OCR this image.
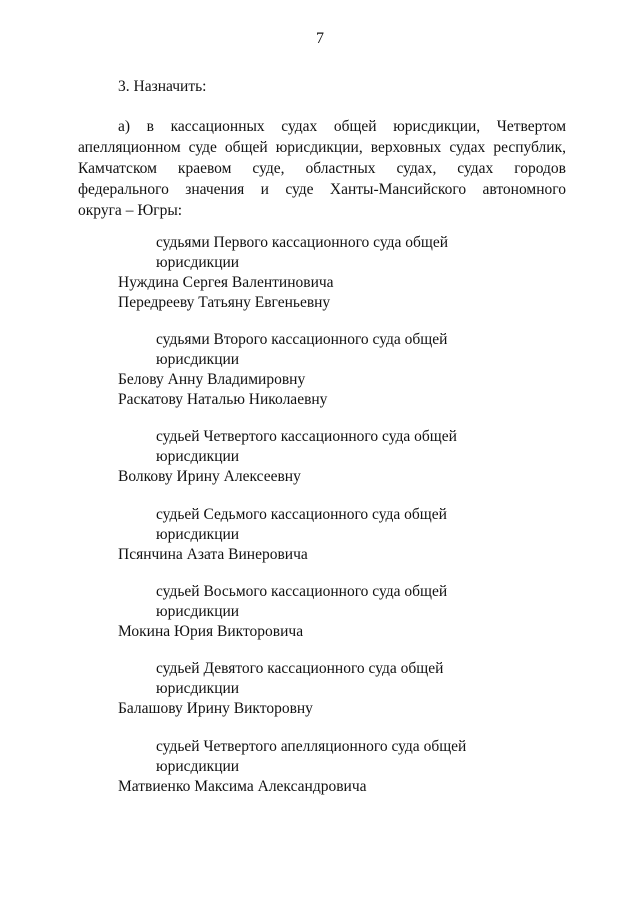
7
3. Назначить:
а) в кассационных судах общей юрисдикции, Четвертом
апелляционном суде общей юрисдикции, верховных судах республик,
Камчатском краевом суде, областных судах, судах городов
федерального значения и суде Ханты-Мансийского автономного
округа – Югры:
судьями Первого кассационного суда общей
юрисдикции
Нуждина Сергея Валентиновича
Передрееву Татьяну Евгеньевну
судьями Второго кассационного суда общей
юрисдикции
Белову Анну Владимировну
Раскатову Наталью Николаевну
судьей Четвертого кассационного суда общей
юрисдикции
Волкову Ирину Алексеевну
судьей Седьмого кассационного суда общей
юрисдикции
Псянчина Азата Винеровича
судьей Восьмого кассационного суда общей
юрисдикции
Мокина Юрия Викторовича
судьей Девятого кассационного суда общей
юрисдикции
Балашову Ирину Викторовну
судьей Четвертого апелляционного суда общей
юрисдикции
Матвиенко Максима Александровича
